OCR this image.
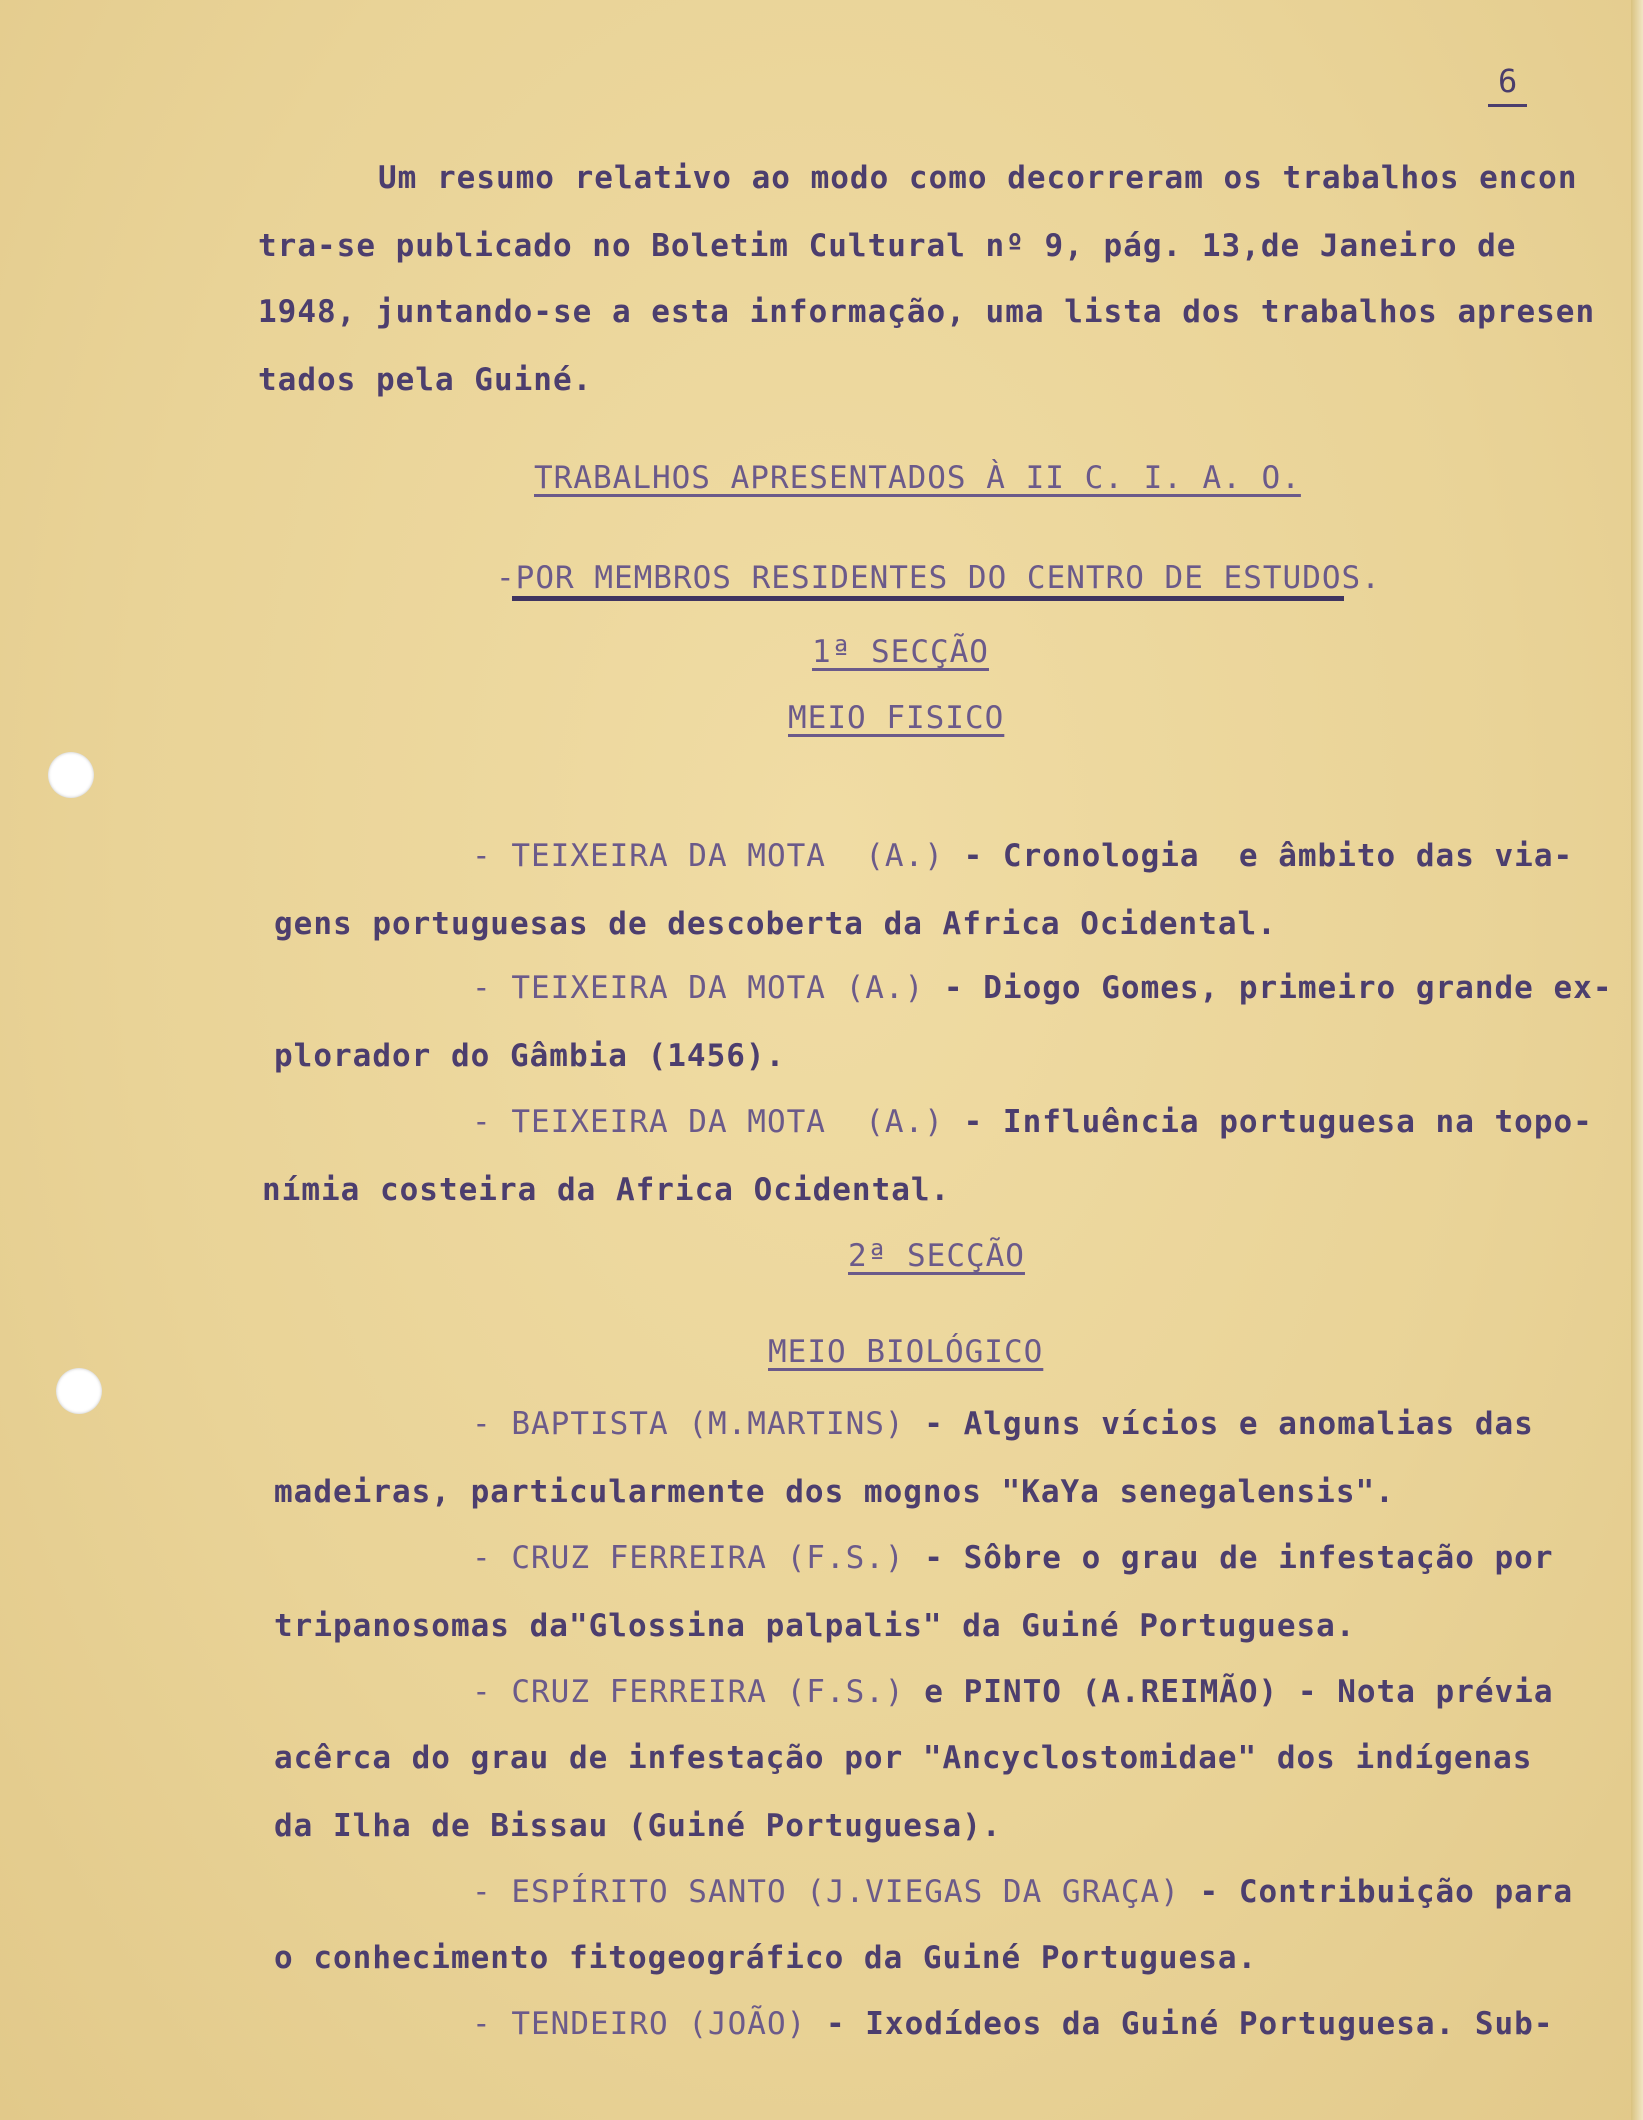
6
Um resumo relativo ao modo como decorreram os trabalhos encon
tra-se publicado no Boletim Cultural nº 9, pág. 13,de Janeiro de
1948, juntando-se a esta informação, uma lista dos trabalhos apresen
tados pela Guiné.
TRABALHOS APRESENTADOS À II C. I. A. O.
-POR MEMBROS RESIDENTES DO CENTRO DE ESTUDOS.
1ª SECÇÃO
MEIO FISICO
- TEIXEIRA DA MOTA  (A.) - Cronologia  e âmbito das via-
gens portuguesas de descoberta da Africa Ocidental.
- TEIXEIRA DA MOTA (A.) - Diogo Gomes, primeiro grande ex-
plorador do Gâmbia (1456).
- TEIXEIRA DA MOTA  (A.) - Influência portuguesa na topo-
nímia costeira da Africa Ocidental.
2ª SECÇÃO
MEIO BIOLÓGICO
- BAPTISTA (M.MARTINS) - Alguns vícios e anomalias das
madeiras, particularmente dos mognos "KaYa senegalensis".
- CRUZ FERREIRA (F.S.) - Sôbre o grau de infestação por
tripanosomas da"Glossina palpalis" da Guiné Portuguesa.
- CRUZ FERREIRA (F.S.) e PINTO (A.REIMÃO) - Nota prévia
acêrca do grau de infestação por "Ancyclostomidae" dos indígenas
da Ilha de Bissau (Guiné Portuguesa).
- ESPÍRITO SANTO (J.VIEGAS DA GRAÇA) - Contribuição para
o conhecimento fitogeográfico da Guiné Portuguesa.
- TENDEIRO (JOÃO) - Ixodídeos da Guiné Portuguesa. Sub-
